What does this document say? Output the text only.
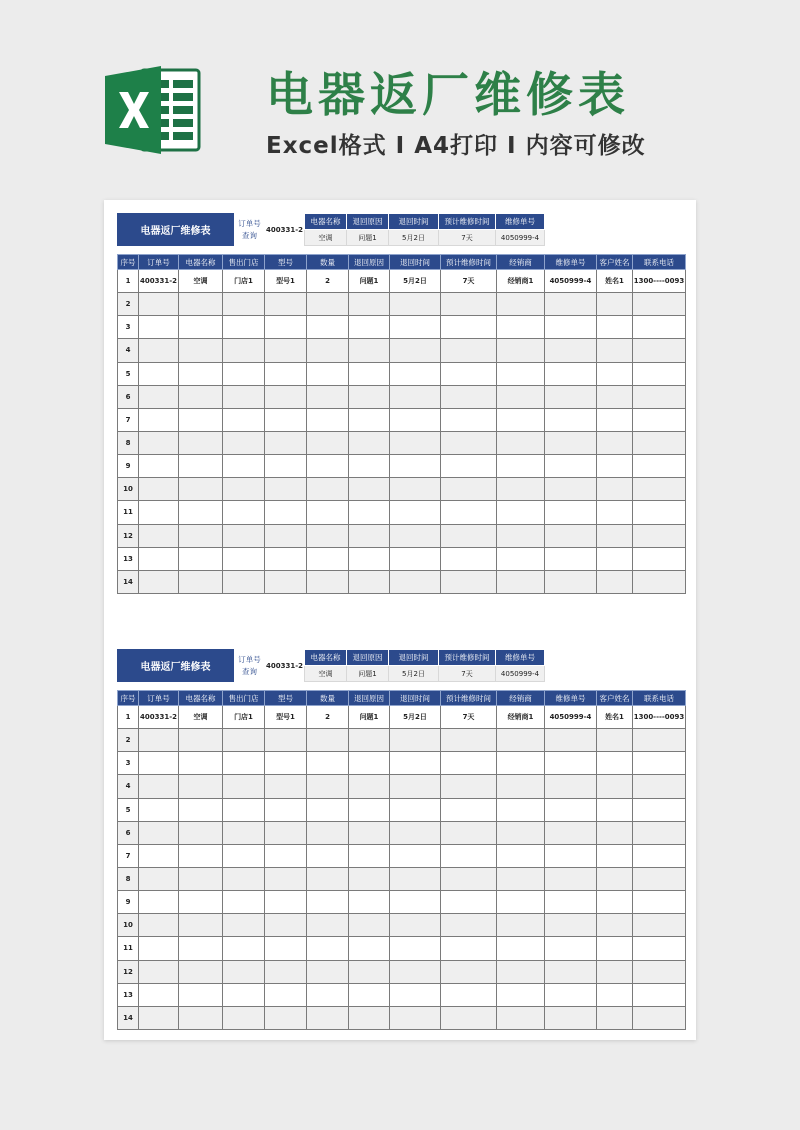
电器返厂维修表
Excel格式 I A4打印 I 内容可修改
电器返厂维修表
订单号
查询
400331-2
电器名称	退回原因	退回时间	预计维修时间	维修单号
空调	问题1	5月2日	7天	4050999-4
序号	订单号	电器名称	售出门店	型号	数量	退回原因	退回时间	预计维修时间	经销商	维修单号	客户姓名	联系电话
1	400331-2	空调	门店1	型号1	2	问题1	5月2日	7天	经销商1	4050999-4	姓名1	1300----0093
2												
3												
4												
5												
6												
7												
8												
9												
10												
11												
12												
13												
14												
电器返厂维修表
订单号
查询
400331-2
电器名称	退回原因	退回时间	预计维修时间	维修单号
空调	问题1	5月2日	7天	4050999-4
序号	订单号	电器名称	售出门店	型号	数量	退回原因	退回时间	预计维修时间	经销商	维修单号	客户姓名	联系电话
1	400331-2	空调	门店1	型号1	2	问题1	5月2日	7天	经销商1	4050999-4	姓名1	1300----0093
2												
3												
4												
5												
6												
7												
8												
9												
10												
11												
12												
13												
14												
